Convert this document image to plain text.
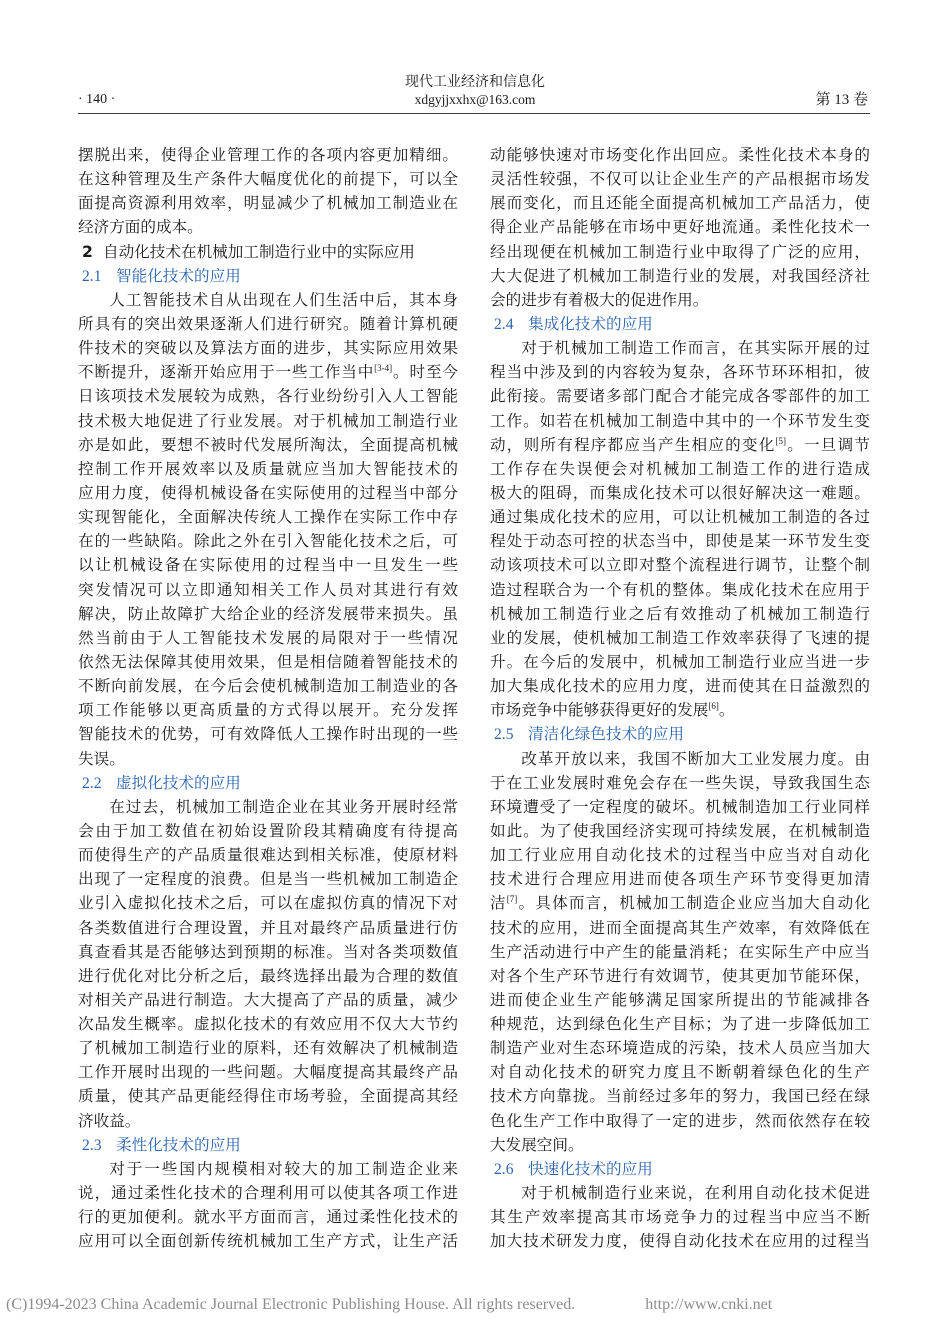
· 140 ·
现代工业经济和信息化
xdgyjjxxhx@163.com	第 13 卷
摆脱出来，使得企业管理工作的各项内容更加精细。
在这种管理及生产条件大幅度优化的前提下，可以全
面提高资源利用效率，明显减少了机械加工制造业在
经济方面的成本。
2 自动化技术在机械加工制造行业中的实际应用
2.1 智能化技术的应用
人工智能技术自从出现在人们生活中后，其本身
所具有的突出效果逐渐人们进行研究。随着计算机硬
件技术的突破以及算法方面的进步，其实际应用效果
不断提升，逐渐开始应用于一些工作当中[3-4]。时至今
日该项技术发展较为成熟，各行业纷纷引入人工智能
技术极大地促进了行业发展。对于机械加工制造行业
亦是如此，要想不被时代发展所淘汰，全面提高机械
控制工作开展效率以及质量就应当加大智能技术的
应用力度，使得机械设备在实际使用的过程当中部分
实现智能化，全面解决传统人工操作在实际工作中存
在的一些缺陷。除此之外在引入智能化技术之后，可
以让机械设备在实际使用的过程当中一旦发生一些
突发情况可以立即通知相关工作人员对其进行有效
解决，防止故障扩大给企业的经济发展带来损失。虽
然当前由于人工智能技术发展的局限对于一些情况
依然无法保障其使用效果，但是相信随着智能技术的
不断向前发展，在今后会使机械制造加工制造业的各
项工作能够以更高质量的方式得以展开。充分发挥
智能技术的优势，可有效降低人工操作时出现的一些
失误。
2.2 虚拟化技术的应用
在过去，机械加工制造企业在其业务开展时经常
会由于加工数值在初始设置阶段其精确度有待提高
而使得生产的产品质量很难达到相关标准，使原材料
出现了一定程度的浪费。但是当一些机械加工制造企
业引入虚拟化技术之后，可以在虚拟仿真的情况下对
各类数值进行合理设置，并且对最终产品质量进行仿
真查看其是否能够达到预期的标准。当对各类项数值
进行优化对比分析之后，最终选择出最为合理的数值
对相关产品进行制造。大大提高了产品的质量，减少
次品发生概率。虚拟化技术的有效应用不仅大大节约
了机械加工制造行业的原料，还有效解决了机械制造
工作开展时出现的一些问题。大幅度提高其最终产品
质量，使其产品更能经得住市场考验，全面提高其经
济收益。
2.3 柔性化技术的应用
对于一些国内规模相对较大的加工制造企业来
说，通过柔性化技术的合理利用可以使其各项工作进
行的更加便利。就水平方面而言，通过柔性化技术的
应用可以全面创新传统机械加工生产方式，让生产活
动能够快速对市场变化作出回应。柔性化技术本身的
灵活性较强，不仅可以让企业生产的产品根据市场发
展而变化，而且还能全面提高机械加工产品活力，使
得企业产品能够在市场中更好地流通。柔性化技术一
经出现便在机械加工制造行业中取得了广泛的应用，
大大促进了机械加工制造行业的发展，对我国经济社
会的进步有着极大的促进作用。
2.4 集成化技术的应用
对于机械加工制造工作而言，在其实际开展的过
程当中涉及到的内容较为复杂，各环节环环相扣，彼
此衔接。需要诸多部门配合才能完成各零部件的加工
工作。如若在机械加工制造中其中的一个环节发生变
动，则所有程序都应当产生相应的变化[5]。一旦调节
工作存在失误便会对机械加工制造工作的进行造成
极大的阻碍，而集成化技术可以很好解决这一难题。
通过集成化技术的应用，可以让机械加工制造的各过
程处于动态可控的状态当中，即使是某一环节发生变
动该项技术可以立即对整个流程进行调节，让整个制
造过程联合为一个有机的整体。集成化技术在应用于
机械加工制造行业之后有效推动了机械加工制造行
业的发展，使机械加工制造工作效率获得了飞速的提
升。在今后的发展中，机械加工制造行业应当进一步
加大集成化技术的应用力度，进而使其在日益激烈的
市场竞争中能够获得更好的发展[6]。
2.5 清洁化绿色技术的应用
改革开放以来，我国不断加大工业发展力度。由
于在工业发展时难免会存在一些失误，导致我国生态
环境遭受了一定程度的破坏。机械制造加工行业同样
如此。为了使我国经济实现可持续发展，在机械制造
加工行业应用自动化技术的过程当中应当对自动化
技术进行合理应用进而使各项生产环节变得更加清
洁[7]。具体而言，机械加工制造企业应当加大自动化
技术的应用，进而全面提高其生产效率，有效降低在
生产活动进行中产生的能量消耗；在实际生产中应当
对各个生产环节进行有效调节，使其更加节能环保，
进而使企业生产能够满足国家所提出的节能减排各
种规范，达到绿色化生产目标；为了进一步降低加工
制造产业对生态环境造成的污染，技术人员应当加大
对自动化技术的研究力度且不断朝着绿色化的生产
技术方向靠拢。当前经过多年的努力，我国已经在绿
色化生产工作中取得了一定的进步，然而依然存在较
大发展空间。
2.6 快速化技术的应用
对于机械制造行业来说，在利用自动化技术促进
其生产效率提高其市场竞争力的过程当中应当不断
加大技术研发力度，使得自动化技术在应用的过程当
(C)1994-2023 China Academic Journal Electronic Publishing House. All rights reserved.	http://www.cnki.net
